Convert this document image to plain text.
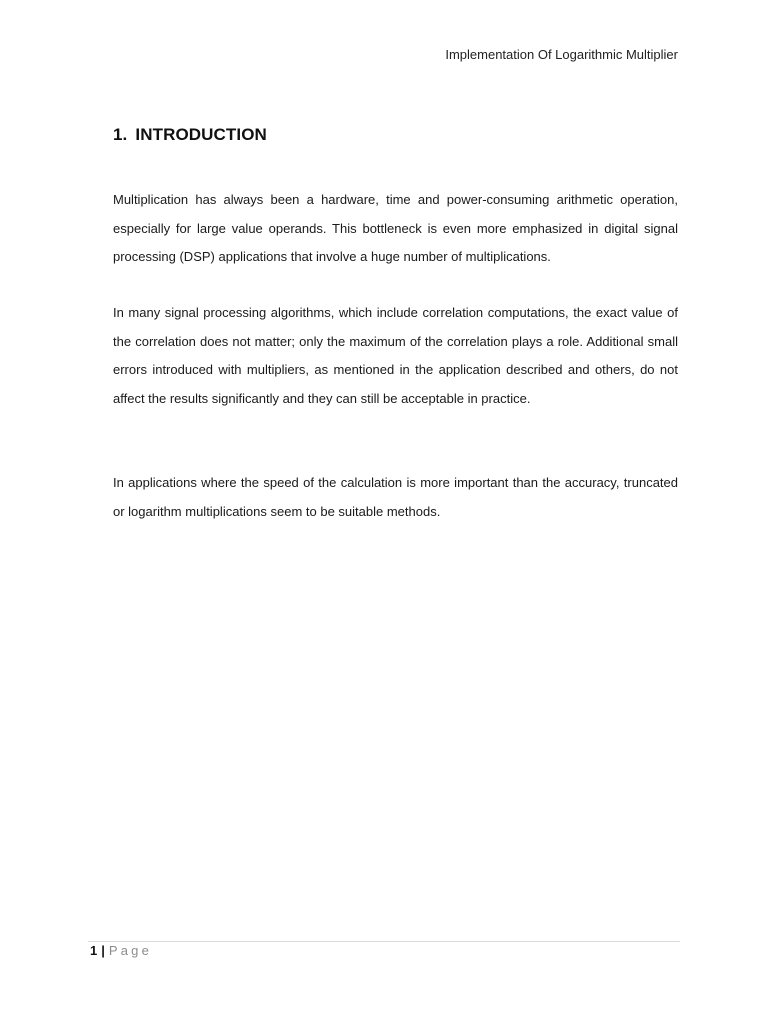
Implementation Of Logarithmic Multiplier
1. INTRODUCTION

Multiplication has always been a hardware, time and power-consuming arithmetic operation, especially for large value operands. This bottleneck is even more emphasized in digital signal processing (DSP) applications that involve a huge number of multiplications.

In many signal processing algorithms, which include correlation computations, the exact value of the correlation does not matter; only the maximum of the correlation plays a role. Additional small errors introduced with multipliers, as mentioned in the application described and others, do not affect the results significantly and they can still be acceptable in practice.

In applications where the speed of the calculation is more important than the accuracy, truncated or logarithm multiplications seem to be suitable methods.

1 | Page
